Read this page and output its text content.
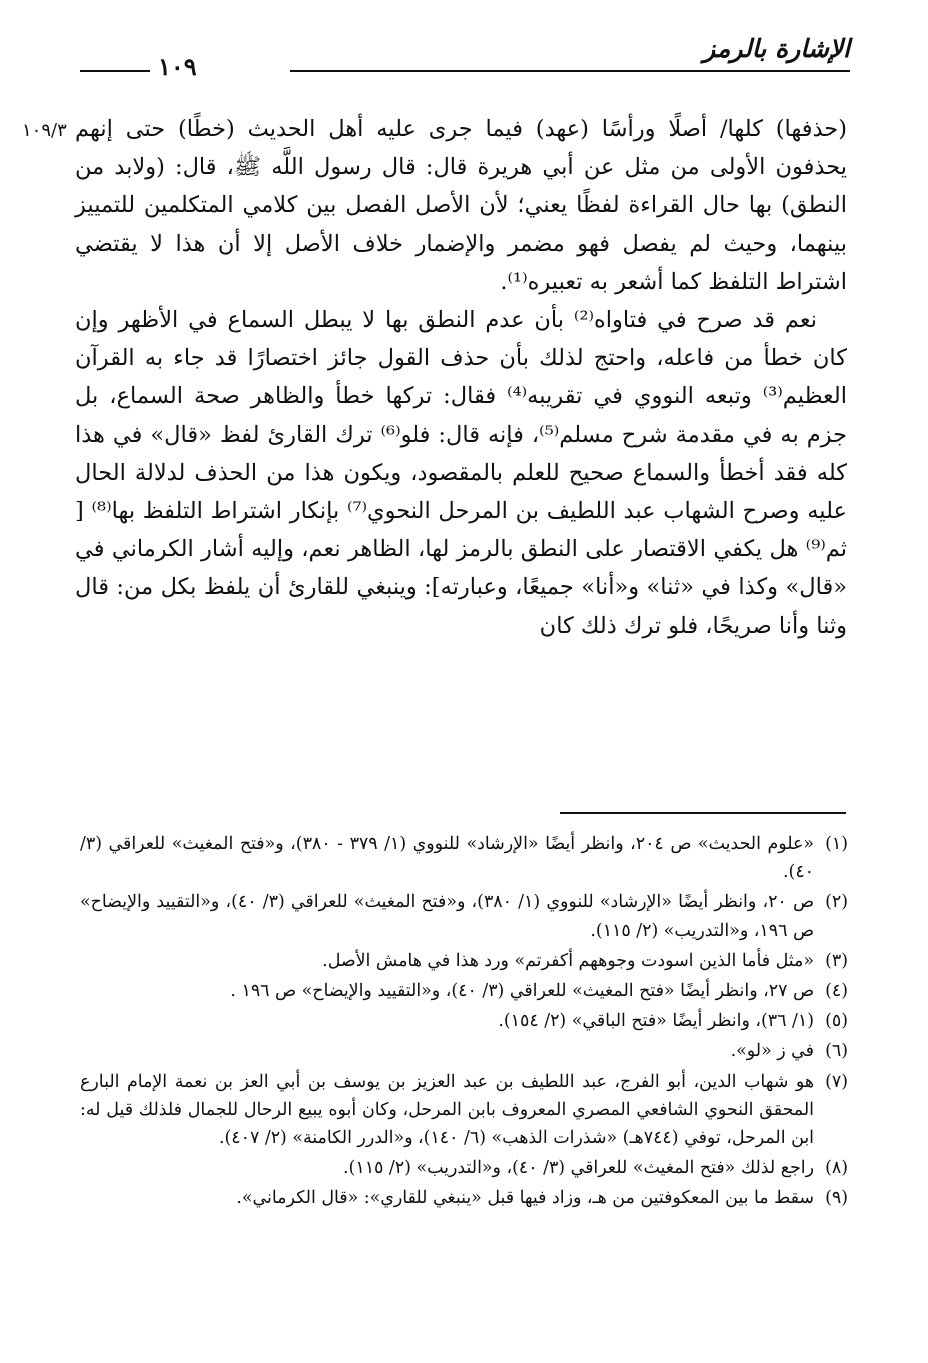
الإشارة بالرمز
١٠٩
١٠٩/٣ (حذفها) كلها/ أصلًا ورأسًا (عهد) فيما جرى عليه أهل الحديث (خطًا) حتى إنهم يحذفون الأولى من مثل عن أبي هريرة قال: قال رسول اللَّه ﷺ، قال: (ولابد من النطق) بها حال القراءة لفظًا يعني؛ لأن الأصل الفصل بين كلامي المتكلمين للتمييز بينهما، وحيث لم يفصل فهو مضمر والإضمار خلاف الأصل إلا أن هذا لا يقتضي اشتراط التلفظ كما أشعر به تعبيره⁽¹⁾.

نعم قد صرح في فتاواه⁽²⁾ بأن عدم النطق بها لا يبطل السماع في الأظهر وإن كان خطأ من فاعله، واحتج لذلك بأن حذف القول جائز اختصارًا قد جاء به القرآن العظيم⁽³⁾ وتبعه النووي في تقريبه⁽⁴⁾ فقال: تركها خطأ والظاهر صحة السماع، بل جزم به في مقدمة شرح مسلم⁽⁵⁾، فإنه قال: فلو⁽⁶⁾ ترك القارئ لفظ «قال» في هذا كله فقد أخطأ والسماع صحيح للعلم بالمقصود، ويكون هذا من الحذف لدلالة الحال عليه وصرح الشهاب عبد اللطيف بن المرحل النحوي⁽⁷⁾ بإنكار اشتراط التلفظ بها⁽⁸⁾ [ ثم⁽⁹⁾ هل يكفي الاقتصار على النطق بالرمز لها، الظاهر نعم، وإليه أشار الكرماني في «قال» وكذا في «ثنا» و«أنا» جميعًا، وعبارته]: وينبغي للقارئ أن يلفظ بكل من: قال وثنا وأنا صريحًا، فلو ترك ذلك كان

(١)
«علوم الحديث» ص ٢٠٤، وانظر أيضًا «الإرشاد» للنووي (١/ ٣٧٩ - ٣٨٠)، و«فتح المغيث» للعراقي (٣/ ٤٠).
(٢)
ص ٢٠، وانظر أيضًا «الإرشاد» للنووي (١/ ٣٨٠)، و«فتح المغيث» للعراقي (٣/ ٤٠)، و«التقييد والإيضاح» ص ١٩٦، و«التدريب» (٢/ ١١٥).
(٣)
«مثل فأما الذين اسودت وجوههم أكفرتم» ورد هذا في هامش الأصل.
(٤)
ص ٢٧، وانظر أيضًا «فتح المغيث» للعراقي (٣/ ٤٠)، و«التقييد والإيضاح» ص ١٩٦ .
(٥)
(١/ ٣٦)، وانظر أيضًا «فتح الباقي» (٢/ ١٥٤).
(٦)
في ز «لو».
(٧)
هو شهاب الدين، أبو الفرج، عبد اللطيف بن عبد العزيز بن يوسف بن أبي العز بن نعمة الإمام البارع المحقق النحوي الشافعي المصري المعروف بابن المرحل، وكان أبوه يبيع الرحال للجمال فلذلك قيل له: ابن المرحل، توفي (٧٤٤هـ) «شذرات الذهب» (٦/ ١٤٠)، و«الدرر الكامنة» (٢/ ٤٠٧).
(٨)
راجع لذلك «فتح المغيث» للعراقي (٣/ ٤٠)، و«التدريب» (٢/ ١١٥).
(٩)
سقط ما بين المعكوفتين من هـ، وزاد فيها قبل «ينبغي للقاري»: «قال الكرماني».
